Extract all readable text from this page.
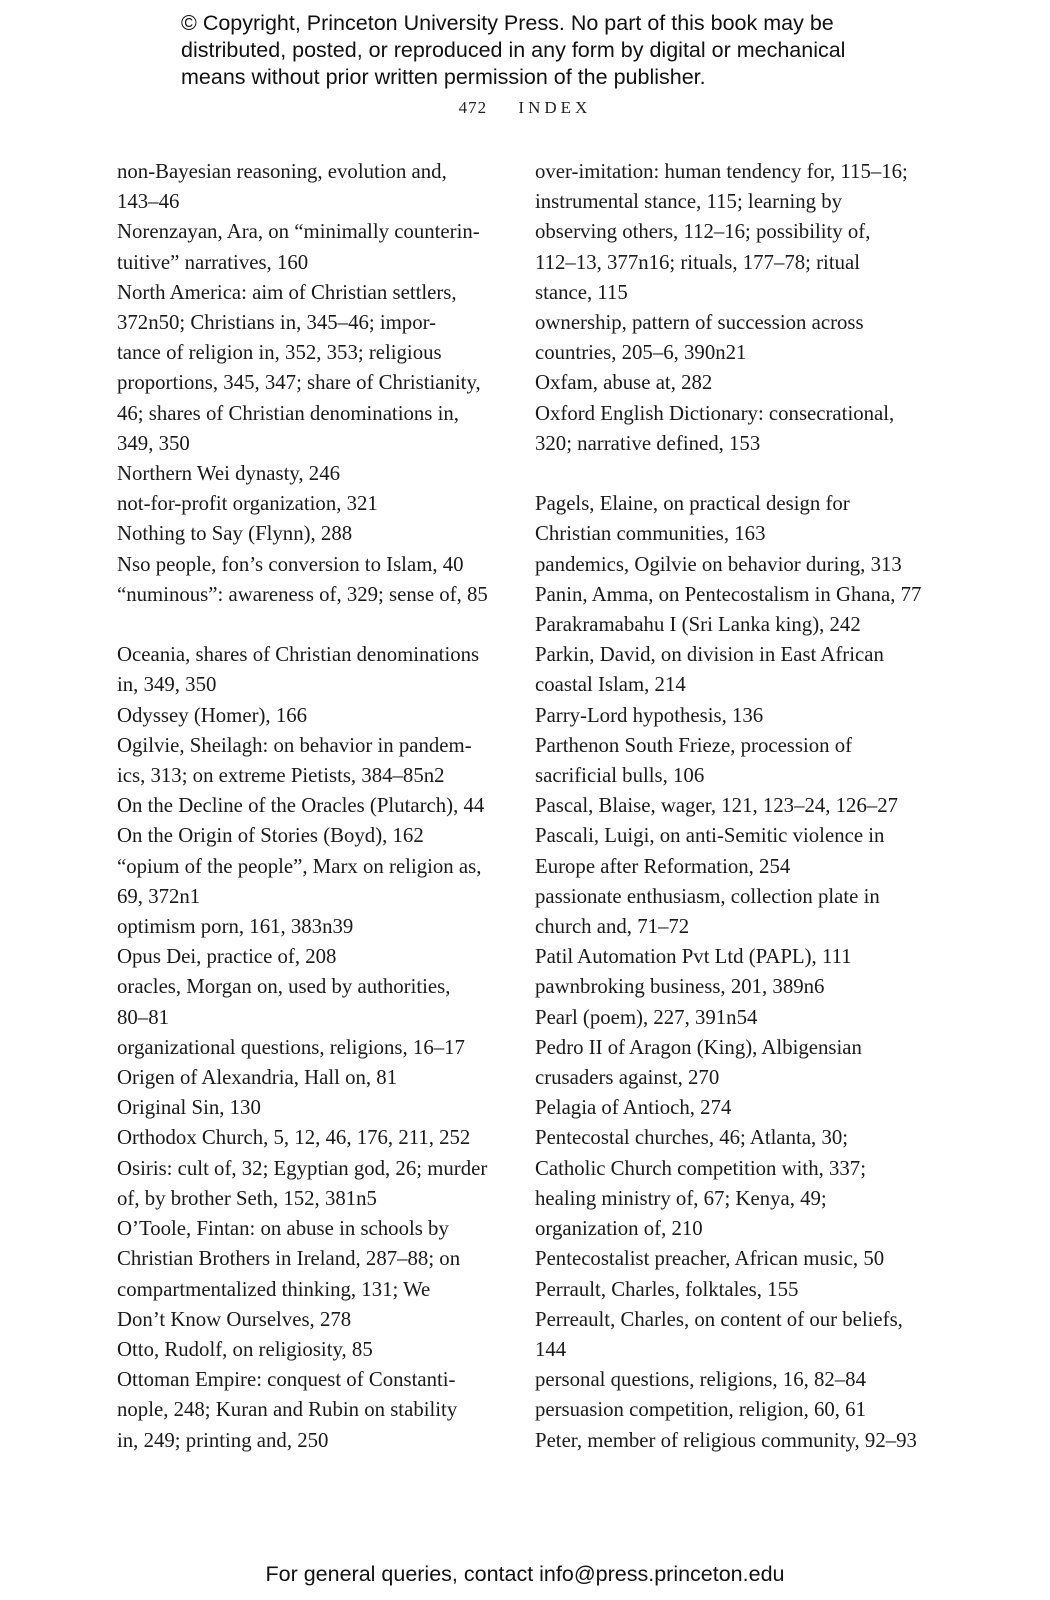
© Copyright, Princeton University Press. No part of this book may be
distributed, posted, or reproduced in any form by digital or mechanical
means without prior written permission of the publisher.
472 INDEX
non-Bayesian reasoning, evolution and,
143–46
Norenzayan, Ara, on “minimally counterin-
tuitive” narratives, 160
North America: aim of Christian settlers,
372n50; Christians in, 345–46; impor-
tance of religion in, 352, 353; religious
proportions, 345, 347; share of Christianity,
46; shares of Christian denominations in,
349, 350
Northern Wei dynasty, 246
not-for-profit organization, 321
Nothing to Say (Flynn), 288
Nso people, fon’s conversion to Islam, 40
“numinous”: awareness of, 329; sense of, 85
Oceania, shares of Christian denominations
in, 349, 350
Odyssey (Homer), 166
Ogilvie, Sheilagh: on behavior in pandem-
ics, 313; on extreme Pietists, 384–85n2
On the Decline of the Oracles (Plutarch), 44
On the Origin of Stories (Boyd), 162
“opium of the people”, Marx on religion as,
69, 372n1
optimism porn, 161, 383n39
Opus Dei, practice of, 208
oracles, Morgan on, used by authorities,
80–81
organizational questions, religions, 16–17
Origen of Alexandria, Hall on, 81
Original Sin, 130
Orthodox Church, 5, 12, 46, 176, 211, 252
Osiris: cult of, 32; Egyptian god, 26; murder
of, by brother Seth, 152, 381n5
O’Toole, Fintan: on abuse in schools by
Christian Brothers in Ireland, 287–88; on
compartmentalized thinking, 131; We
Don’t Know Ourselves, 278
Otto, Rudolf, on religiosity, 85
Ottoman Empire: conquest of Constanti-
nople, 248; Kuran and Rubin on stability
in, 249; printing and, 250
over-imitation: human tendency for, 115–16;
instrumental stance, 115; learning by
observing others, 112–16; possibility of,
112–13, 377n16; rituals, 177–78; ritual
stance, 115
ownership, pattern of succession across
countries, 205–6, 390n21
Oxfam, abuse at, 282
Oxford English Dictionary: consecrational,
320; narrative defined, 153
Pagels, Elaine, on practical design for
Christian communities, 163
pandemics, Ogilvie on behavior during, 313
Panin, Amma, on Pentecostalism in Ghana, 77
Parakramabahu I (Sri Lanka king), 242
Parkin, David, on division in East African
coastal Islam, 214
Parry-Lord hypothesis, 136
Parthenon South Frieze, procession of
sacrificial bulls, 106
Pascal, Blaise, wager, 121, 123–24, 126–27
Pascali, Luigi, on anti-Semitic violence in
Europe after Reformation, 254
passionate enthusiasm, collection plate in
church and, 71–72
Patil Automation Pvt Ltd (PAPL), 111
pawnbroking business, 201, 389n6
Pearl (poem), 227, 391n54
Pedro II of Aragon (King), Albigensian
crusaders against, 270
Pelagia of Antioch, 274
Pentecostal churches, 46; Atlanta, 30;
Catholic Church competition with, 337;
healing ministry of, 67; Kenya, 49;
organization of, 210
Pentecostalist preacher, African music, 50
Perrault, Charles, folktales, 155
Perreault, Charles, on content of our beliefs,
144
personal questions, religions, 16, 82–84
persuasion competition, religion, 60, 61
Peter, member of religious community, 92–93
For general queries, contact info@press.princeton.edu
